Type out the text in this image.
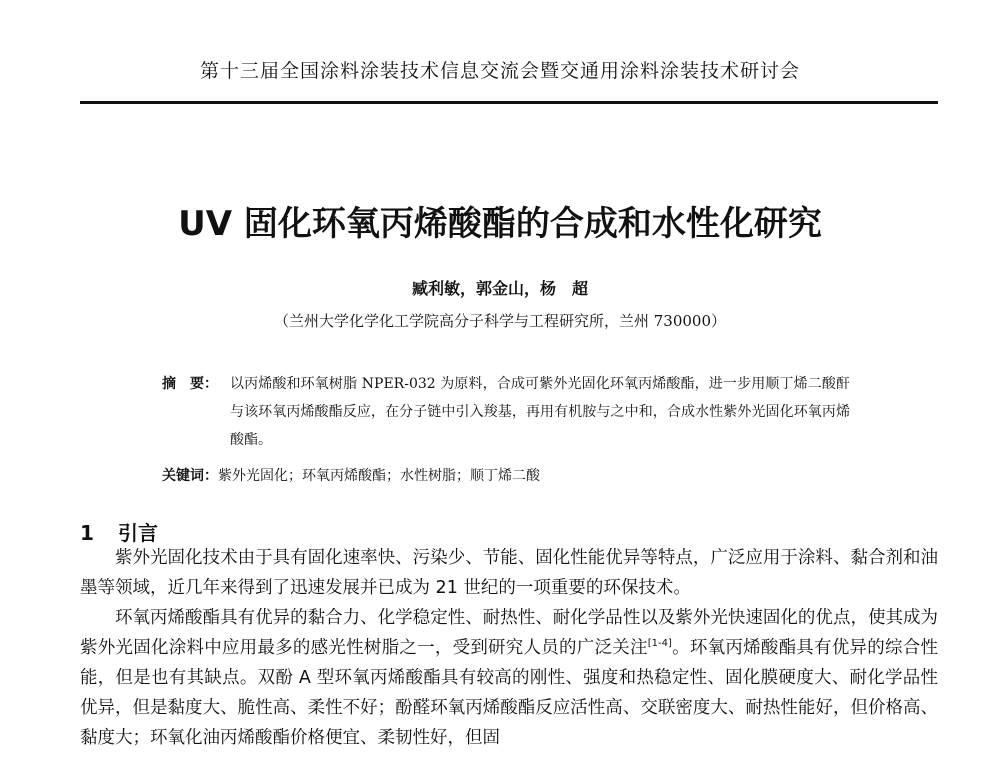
第十三届全国涂料涂装技术信息交流会暨交通用涂料涂装技术研讨会
UV 固化环氧丙烯酸酯的合成和水性化研究
臧利敏，郭金山，杨　超
（兰州大学化学化工学院高分子科学与工程研究所，兰州 730000）
摘　要： 以丙烯酸和环氧树脂 NPER-032 为原料，合成可紫外光固化环氧丙烯酸酯，进一步用顺丁烯二酸酐与该环氧丙烯酸酯反应，在分子链中引入羧基，再用有机胺与之中和，合成水性紫外光固化环氧丙烯酸酯。
关键词：紫外光固化；环氧丙烯酸酯；水性树脂；顺丁烯二酸
1 引言

紫外光固化技术由于具有固化速率快、污染少、节能、固化性能优异等特点，广泛应用于涂料、黏合剂和油墨等领域，近几年来得到了迅速发展并已成为 21 世纪的一项重要的环保技术。

环氧丙烯酸酯具有优异的黏合力、化学稳定性、耐热性、耐化学品性以及紫外光快速固化的优点，使其成为紫外光固化涂料中应用最多的感光性树脂之一，受到研究人员的广泛关注[1-4]。环氧丙烯酸酯具有优异的综合性能，但是也有其缺点。双酚 A 型环氧丙烯酸酯具有较高的刚性、强度和热稳定性、固化膜硬度大、耐化学品性优异，但是黏度大、脆性高、柔性不好；酚醛环氧丙烯酸酯反应活性高、交联密度大、耐热性能好，但价格高、黏度大；环氧化油丙烯酸酯价格便宜、柔韧性好，但固
